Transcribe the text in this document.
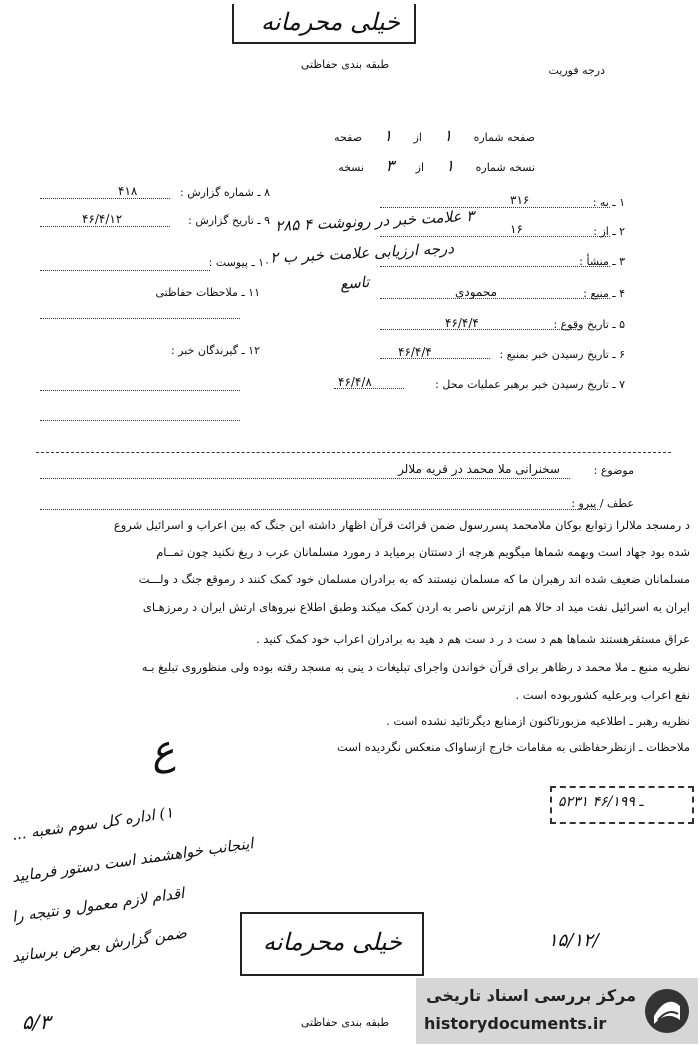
خیلی محرمانه
طبقه بندی حفاظتی	درجه فوریت
صفحه شماره ۱ از ۱ صفحه
نسخه شماره ۱ از ۳ نسخه
۸ ـ شماره گزارش :
۴۱۸
۹ ـ تاریخ گزارش :
۴۶/۴/۱۲
۱۰ ـ پیوست :
۱۱ ـ ملاحظات حفاظتی
۱۲ ـ گیرندگان خبر :
۱ ـ به :
۳۱۶
۲ ـ از :
۱۶
۳ علامت خبر در رونوشت ۴ ۲۸۵
۳ ـ منشأ :
درجه ارزیابی علامت خبر ب ۲
۴ ـ منبع :
محمودی
تاسع
۵ ـ تاریخ وقوع :
۴۶/۴/۴
۶ ـ تاریخ رسیدن خبر بمنبع :
۴۶/۴/۴
۷ ـ تاریخ رسیدن خبر برهبر عملیات محل :
۴۶/۴/۸
موضوع :
سخنرانی ملا محمد در قریه ملالر
عطف / پیرو :
د رمسجد ملالرا زتوابع بوکان ملامحمد پسررسول ضمن قرائت قرآن اظهار داشته این جنگ که بین اعراب و اسرائیل شروع
شده بود جهاد است وبهمه شماها میگویم هرچه از دستتان برمیاید د رمورد مسلمانان عرب د ریغ نکنید چون تمــام
مسلمانان ضعیف شده اند رهبران ما که مسلمان نیستند که به برادران مسلمان خود کمک کنند د رموقع جنگ د ولـــت
ایران به اسرائیل نفت مید اد حالا هم ازترس ناصر به اردن کمک میکند وطبق اطلاع نیروهای ارتش ایران د رمرزهـای
عراق مستقرهستند شماها هم د ست د ر د ست هم د هید به برادران اعراب خود کمک کنید .
نظریه منبع ـ ملا محمد د رظاهر برای قرآن خواندن واجرای تبلیغات د ینی به مسجد رفته بوده ولی منظوروی تبلیغ بـه
نفع اعراب وبرعلیه کشوربوده است .
نظریه رهبر ـ اطلاعیه مزبورتاکنون ازمنابع دیگرتائید نشده است .
ملاحظات ـ ازنظرحفاظتی به مقامات خارج ازساواک منعکس نگردیده است
ع
۵۲۳۱ ـ ۴۶/۱۹۹
۱) اداره کل سوم شعبه ...
اینجانب خواهشمند است دستور فرمایید
اقدام لازم معمول و نتیجه را
ضمن گزارش بعرض برسانید
۵/۳
خیلی محرمانه	۱۵/۱۲/
طبقه بندی حفاظتی
مرکز بررسی اسناد تاریخی
historydocuments.ir
